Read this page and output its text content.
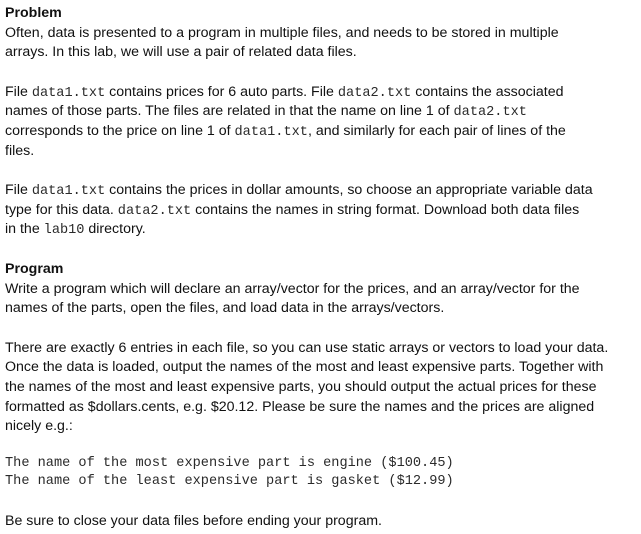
Problem
Often, data is presented to a program in multiple files, and needs to be stored in multiple
arrays. In this lab, we will use a pair of related data files.
File data1.txt contains prices for 6 auto parts. File data2.txt contains the associated
names of those parts. The files are related in that the name on line 1 of data2.txt
corresponds to the price on line 1 of data1.txt, and similarly for each pair of lines of the
files.
File data1.txt contains the prices in dollar amounts, so choose an appropriate variable data
type for this data. data2.txt contains the names in string format. Download both data files
in the lab10 directory.
Program
Write a program which will declare an array/vector for the prices, and an array/vector for the
names of the parts, open the files, and load data in the arrays/vectors.
There are exactly 6 entries in each file, so you can use static arrays or vectors to load your data.
Once the data is loaded, output the names of the most and least expensive parts. Together with
the names of the most and least expensive parts, you should output the actual prices for these
formatted as $dollars.cents, e.g. $20.12. Please be sure the names and the prices are aligned
nicely e.g.:
The name of the most expensive part is engine ($100.45)
The name of the least expensive part is gasket ($12.99)
Be sure to close your data files before ending your program.
